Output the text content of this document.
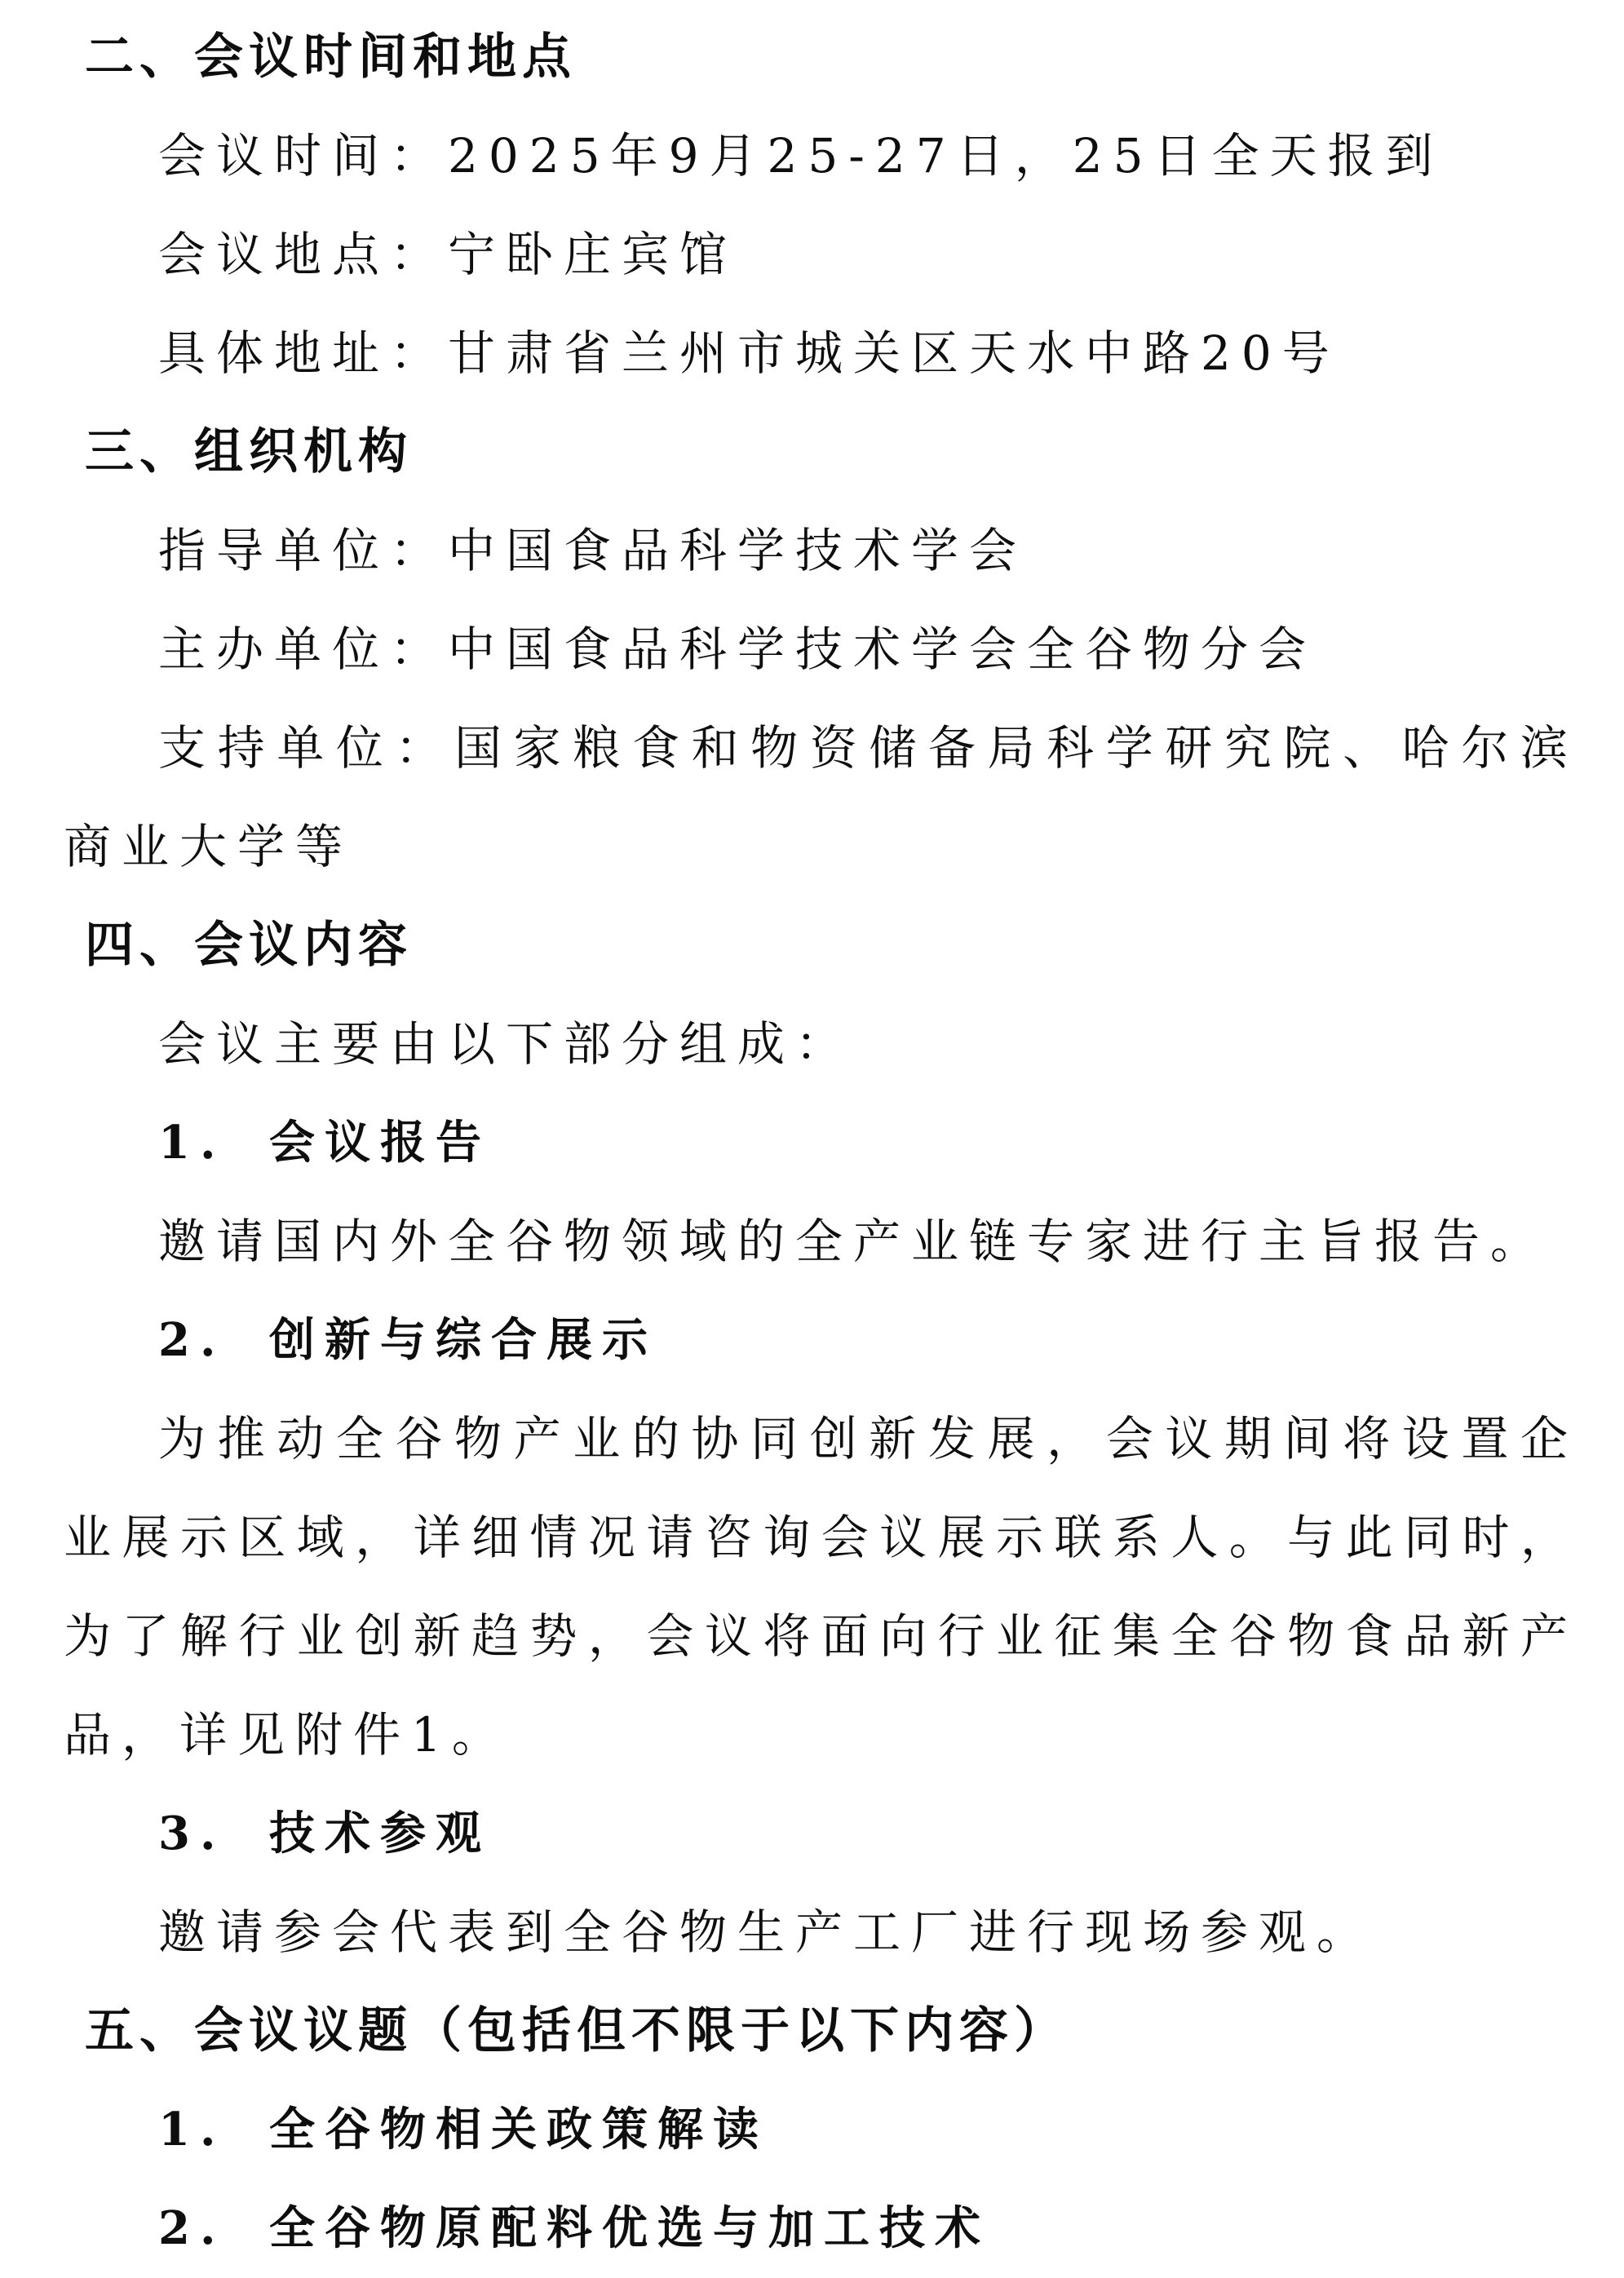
二、会议时间和地点
会议时间：2025年9月25-27日，25日全天报到
会议地点：宁卧庄宾馆
具体地址：甘肃省兰州市城关区天水中路20号
三、组织机构
指导单位：中国食品科学技术学会
主办单位：中国食品科学技术学会全谷物分会
支持单位：国家粮食和物资储备局科学研究院、哈尔滨商业大学等
四、会议内容
会议主要由以下部分组成：
1. 会议报告
邀请国内外全谷物领域的全产业链专家进行主旨报告。
2. 创新与综合展示
为推动全谷物产业的协同创新发展，会议期间将设置企业展示区域，详细情况请咨询会议展示联系人。与此同时，为了解行业创新趋势，会议将面向行业征集全谷物食品新产品，详见附件1。
3. 技术参观
邀请参会代表到全谷物生产工厂进行现场参观。
五、会议议题（包括但不限于以下内容）
1. 全谷物相关政策解读
2. 全谷物原配料优选与加工技术
